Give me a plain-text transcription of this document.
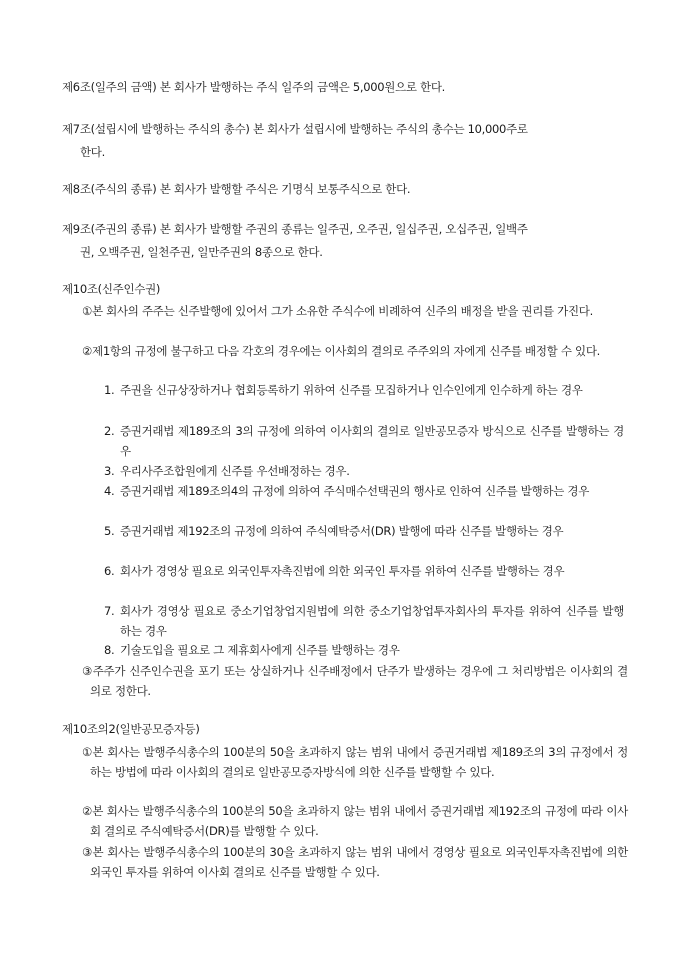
제6조(일주의 금액) 본 회사가 발행하는 주식 일주의 금액은 5,000원으로 한다.
제7조(설립시에 발행하는 주식의 총수) 본 회사가 설립시에 발행하는 주식의 총수는 10,000주로
한다.
제8조(주식의 종류) 본 회사가 발행할 주식은 기명식 보통주식으로 한다.
제9조(주권의 종류) 본 회사가 발행할 주권의 종류는 일주권, 오주권, 일십주권, 오십주권, 일백주
권, 오백주권, 일천주권, 일만주권의 8종으로 한다.
제10조(신주인수권)
①본 회사의 주주는 신주발행에 있어서 그가 소유한 주식수에 비례하여 신주의 배정을 받을 권리를 가진다.
②제1항의 규정에 불구하고 다음 각호의 경우에는 이사회의 결의로 주주외의 자에게 신주를 배정할 수 있다.
1. 주권을 신규상장하거나 협회등록하기 위하여 신주를 모집하거나 인수인에게 인수하게 하는 경우
2. 증권거래법 제189조의 3의 규정에 의하여 이사회의 결의로 일반공모증자 방식으로 신주를 발행하는 경우
3. 우리사주조합원에게 신주를 우선배정하는 경우.
4. 증권거래법 제189조의4의 규정에 의하여 주식매수선택권의 행사로 인하여 신주를 발행하는 경우
5. 증권거래법 제192조의 규정에 의하여 주식예탁증서(DR) 발행에 따라 신주를 발행하는 경우
6. 회사가 경영상 필요로 외국인투자촉진법에 의한 외국인 투자를 위하여 신주를 발행하는 경우
7. 회사가 경영상 필요로 중소기업창업지원법에 의한 중소기업창업투자회사의 투자를 위하여 신주를 발행하는 경우
8. 기술도입을 필요로 그 제휴회사에게 신주를 발행하는 경우
③주주가 신주인수권을 포기 또는 상실하거나 신주배정에서 단주가 발생하는 경우에 그 처리방법은 이사회의 결의로 정한다.
제10조의2(일반공모증자등)
①본 회사는 발행주식총수의 100분의 50을 초과하지 않는 범위 내에서 증권거래법 제189조의 3의 규정에서 정하는 방법에 따라 이사회의 결의로 일반공모증자방식에 의한 신주를 발행할 수 있다.
②본 회사는 발행주식총수의 100분의 50을 초과하지 않는 범위 내에서 증권거래법 제192조의 규정에 따라 이사회 결의로 주식예탁증서(DR)를 발행할 수 있다.
③본 회사는 발행주식총수의 100분의 30을 초과하지 않는 범위 내에서 경영상 필요로 외국인투자촉진법에 의한 외국인 투자를 위하여 이사회 결의로 신주를 발행할 수 있다.
